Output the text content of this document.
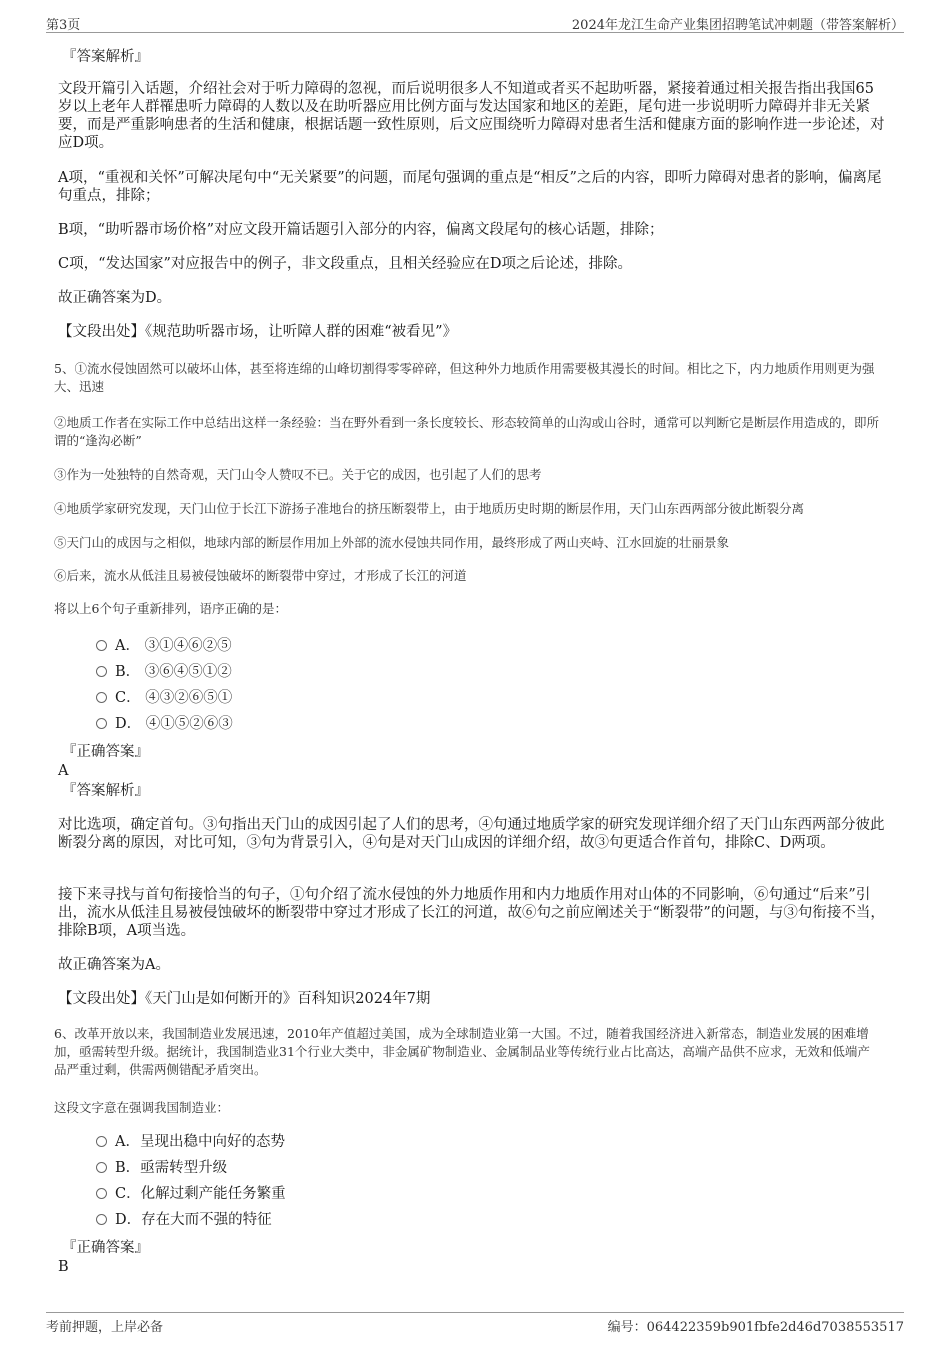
第3页	2024年龙江生命产业集团招聘笔试冲刺题（带答案解析）
『答案解析』
文段开篇引入话题，介绍社会对于听力障碍的忽视，而后说明很多人不知道或者买不起助听器，紧接着通过相关报告指出我国65岁以上老年人群罹患听力障碍的人数以及在助听器应用比例方面与发达国家和地区的差距，尾句进一步说明听力障碍并非无关紧要，而是严重影响患者的生活和健康，根据话题一致性原则，后文应围绕听力障碍对患者生活和健康方面的影响作进一步论述，对应D项。
A项，“重视和关怀”可解决尾句中“无关紧要”的问题，而尾句强调的重点是“相反”之后的内容，即听力障碍对患者的影响，偏离尾句重点，排除；
B项，“助听器市场价格”对应文段开篇话题引入部分的内容，偏离文段尾句的核心话题，排除；
C项，“发达国家”对应报告中的例子，非文段重点，且相关经验应在D项之后论述，排除。
故正确答案为D。
【文段出处】《规范助听器市场，让听障人群的困难“被看见”》
5、①流水侵蚀固然可以破坏山体，甚至将连绵的山峰切割得零零碎碎，但这种外力地质作用需要极其漫长的时间。相比之下，内力地质作用则更为强大、迅速
②地质工作者在实际工作中总结出这样一条经验：当在野外看到一条长度较长、形态较简单的山沟或山谷时，通常可以判断它是断层作用造成的，即所谓的“逢沟必断”
③作为一处独特的自然奇观，天门山令人赞叹不已。关于它的成因，也引起了人们的思考
④地质学家研究发现，天门山位于长江下游扬子准地台的挤压断裂带上，由于地质历史时期的断层作用，天门山东西两部分彼此断裂分离
⑤天门山的成因与之相似，地球内部的断层作用加上外部的流水侵蚀共同作用，最终形成了两山夹峙、江水回旋的壮丽景象
⑥后来，流水从低洼且易被侵蚀破坏的断裂带中穿过，才形成了长江的河道
将以上6个句子重新排列，语序正确的是：
A． ③①④⑥②⑤
B． ③⑥④⑤①②
C． ④③②⑥⑤①
D． ④①⑤②⑥③
『正确答案』
A
『答案解析』
对比选项，确定首句。③句指出天门山的成因引起了人们的思考，④句通过地质学家的研究发现详细介绍了天门山东西两部分彼此断裂分离的原因，对比可知，③句为背景引入，④句是对天门山成因的详细介绍，故③句更适合作首句，排除C、D两项。
接下来寻找与首句衔接恰当的句子，①句介绍了流水侵蚀的外力地质作用和内力地质作用对山体的不同影响，⑥句通过“后来”引出，流水从低洼且易被侵蚀破坏的断裂带中穿过才形成了长江的河道，故⑥句之前应阐述关于“断裂带”的问题，与③句衔接不当，排除B项，A项当选。
故正确答案为A。
【文段出处】《天门山是如何断开的》百科知识2024年7期
6、改革开放以来，我国制造业发展迅速，2010年产值超过美国，成为全球制造业第一大国。不过，随着我国经济进入新常态，制造业发展的困难增加，亟需转型升级。据统计，我国制造业31个行业大类中，非金属矿物制造业、金属制品业等传统行业占比高达，高端产品供不应求，无效和低端产品严重过剩，供需两侧错配矛盾突出。
这段文字意在强调我国制造业：
A．呈现出稳中向好的态势
B．亟需转型升级
C．化解过剩产能任务繁重
D．存在大而不强的特征
『正确答案』
B
考前押题，上岸必备	编号：064422359b901fbfe2d46d7038553517
